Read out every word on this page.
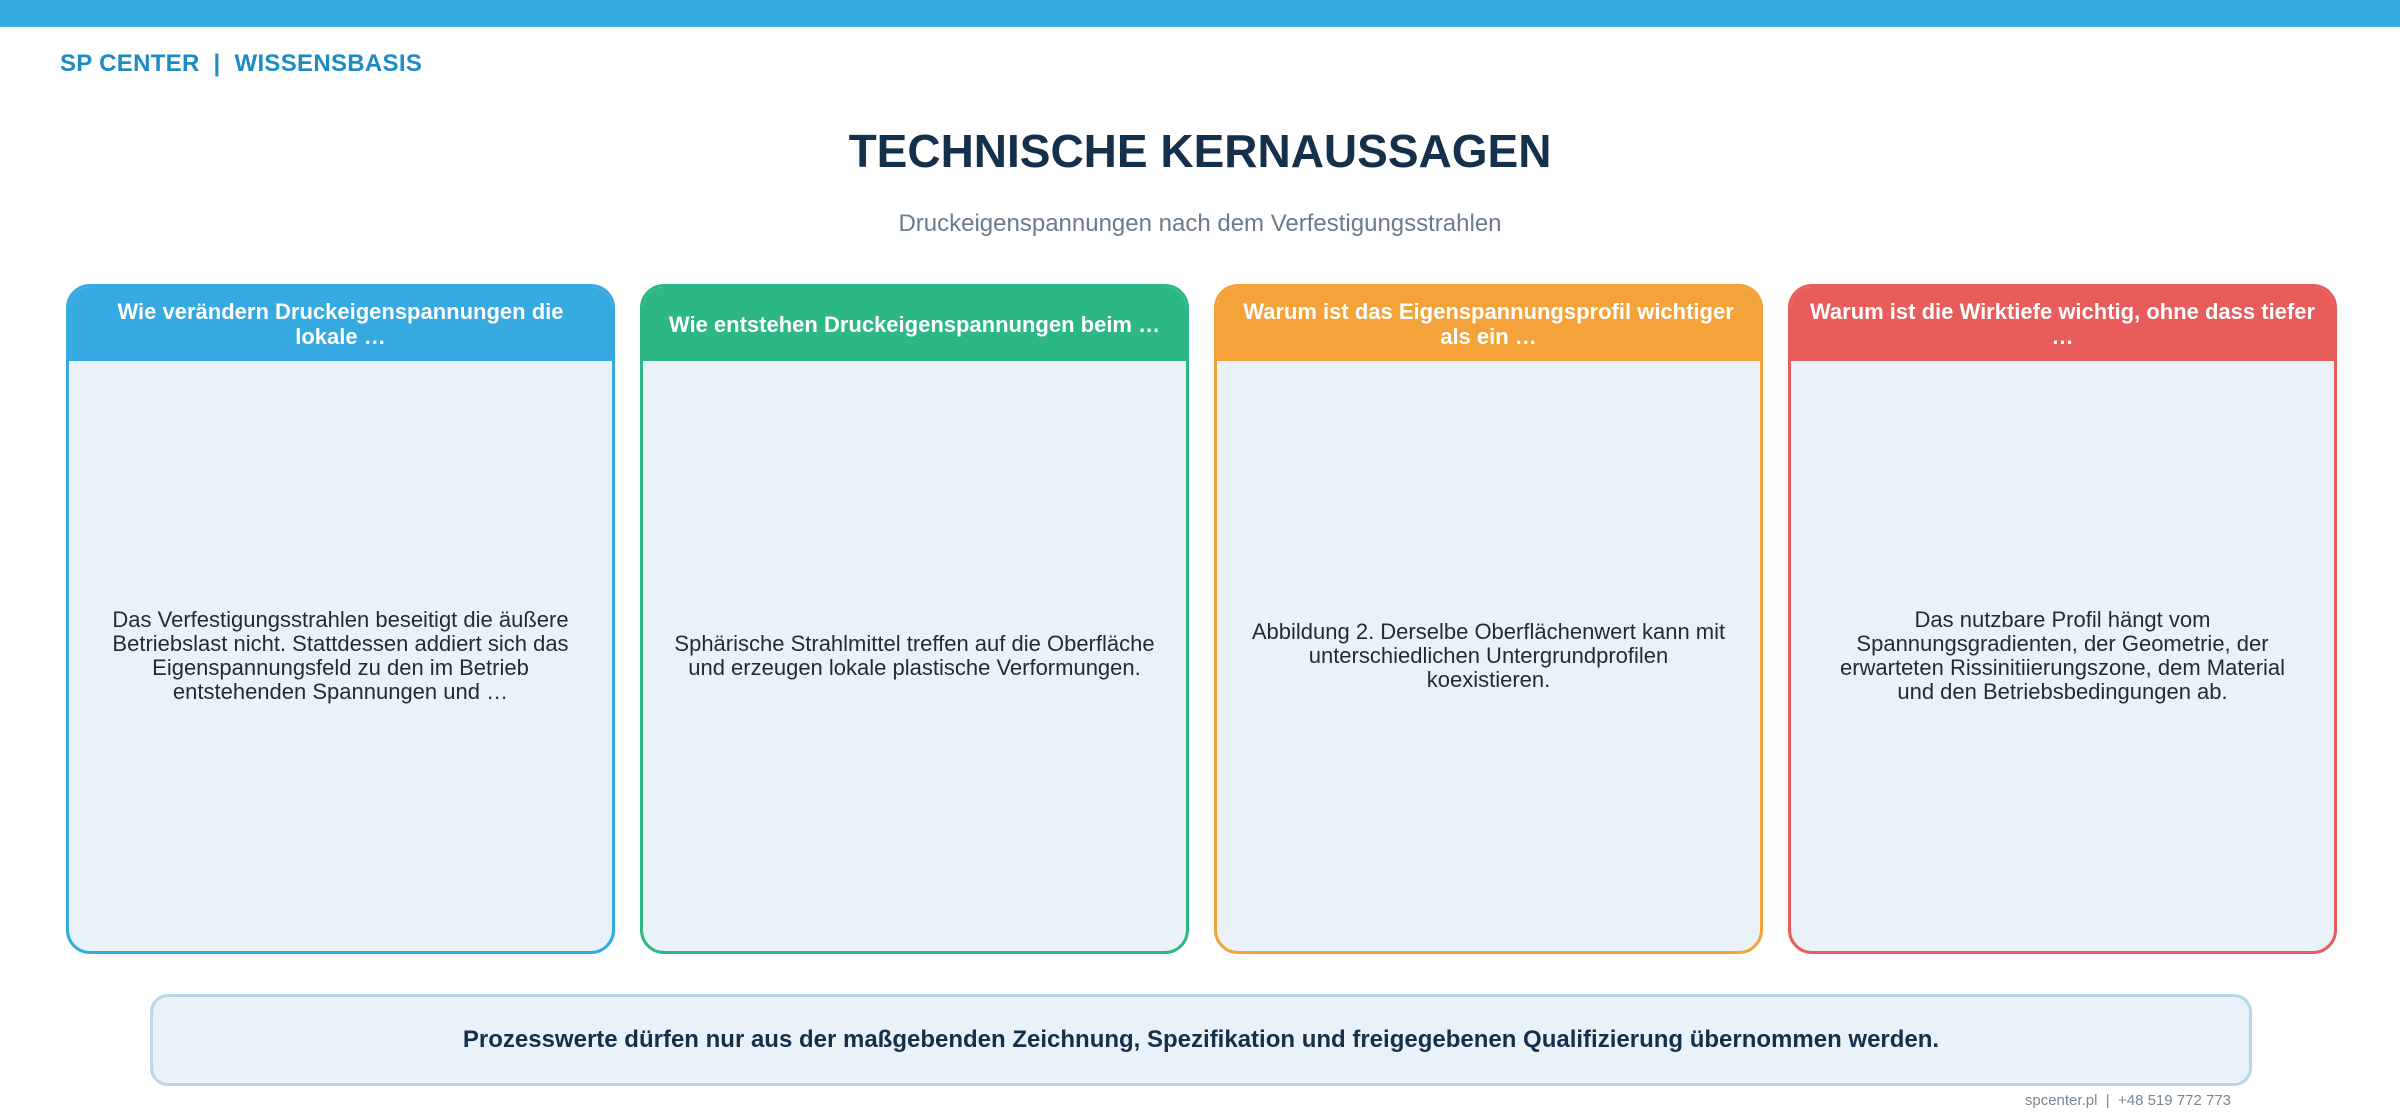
SP CENTER  |  WISSENSBASIS
TECHNISCHE KERNAUSSAGEN
Druckeigenspannungen nach dem Verfestigungsstrahlen
Wie verändern Druckeigenspannungen die lokale …
Das Verfestigungsstrahlen beseitigt die äußere Betriebslast nicht. Stattdessen addiert sich das Eigenspannungsfeld zu den im Betrieb entstehenden Spannungen und …
Wie entstehen Druckeigenspannungen beim …
Sphärische Strahlmittel treffen auf die Oberfläche und erzeugen lokale plastische Verformungen.
Warum ist das Eigenspannungsprofil wichtiger als ein …
Abbildung 2. Derselbe Oberflächenwert kann mit unterschiedlichen Untergrundprofilen koexistieren.
Warum ist die Wirktiefe wichtig, ohne dass tiefer …
Das nutzbare Profil hängt vom Spannungsgradienten, der Geometrie, der erwarteten Rissinitiierungszone, dem Material und den Betriebsbedingungen ab.
Prozesswerte dürfen nur aus der maßgebenden Zeichnung, Spezifikation und freigegebenen Qualifizierung übernommen werden.
spcenter.pl  |  +48 519 772 773
